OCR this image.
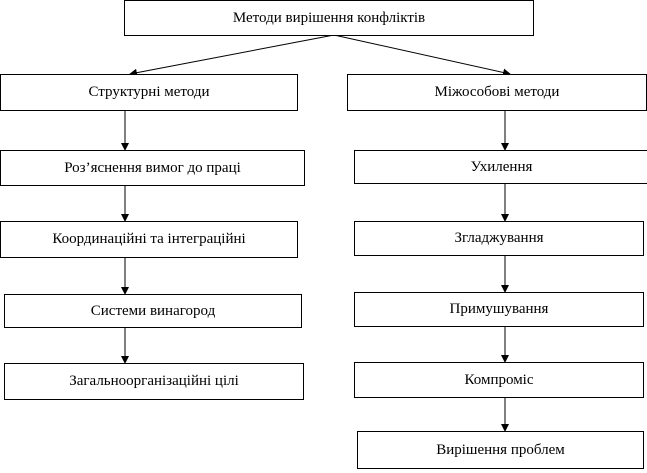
Методи вирішення конфліктів
Структурні методи	Міжособові методи
Роз’яснення вимог до праці
Координаційні та інтеграційні
Системи винагород
Загальноорганізаційні цілі
Ухилення
Згладжування
Примушування
Компроміс
Вирішення проблем
